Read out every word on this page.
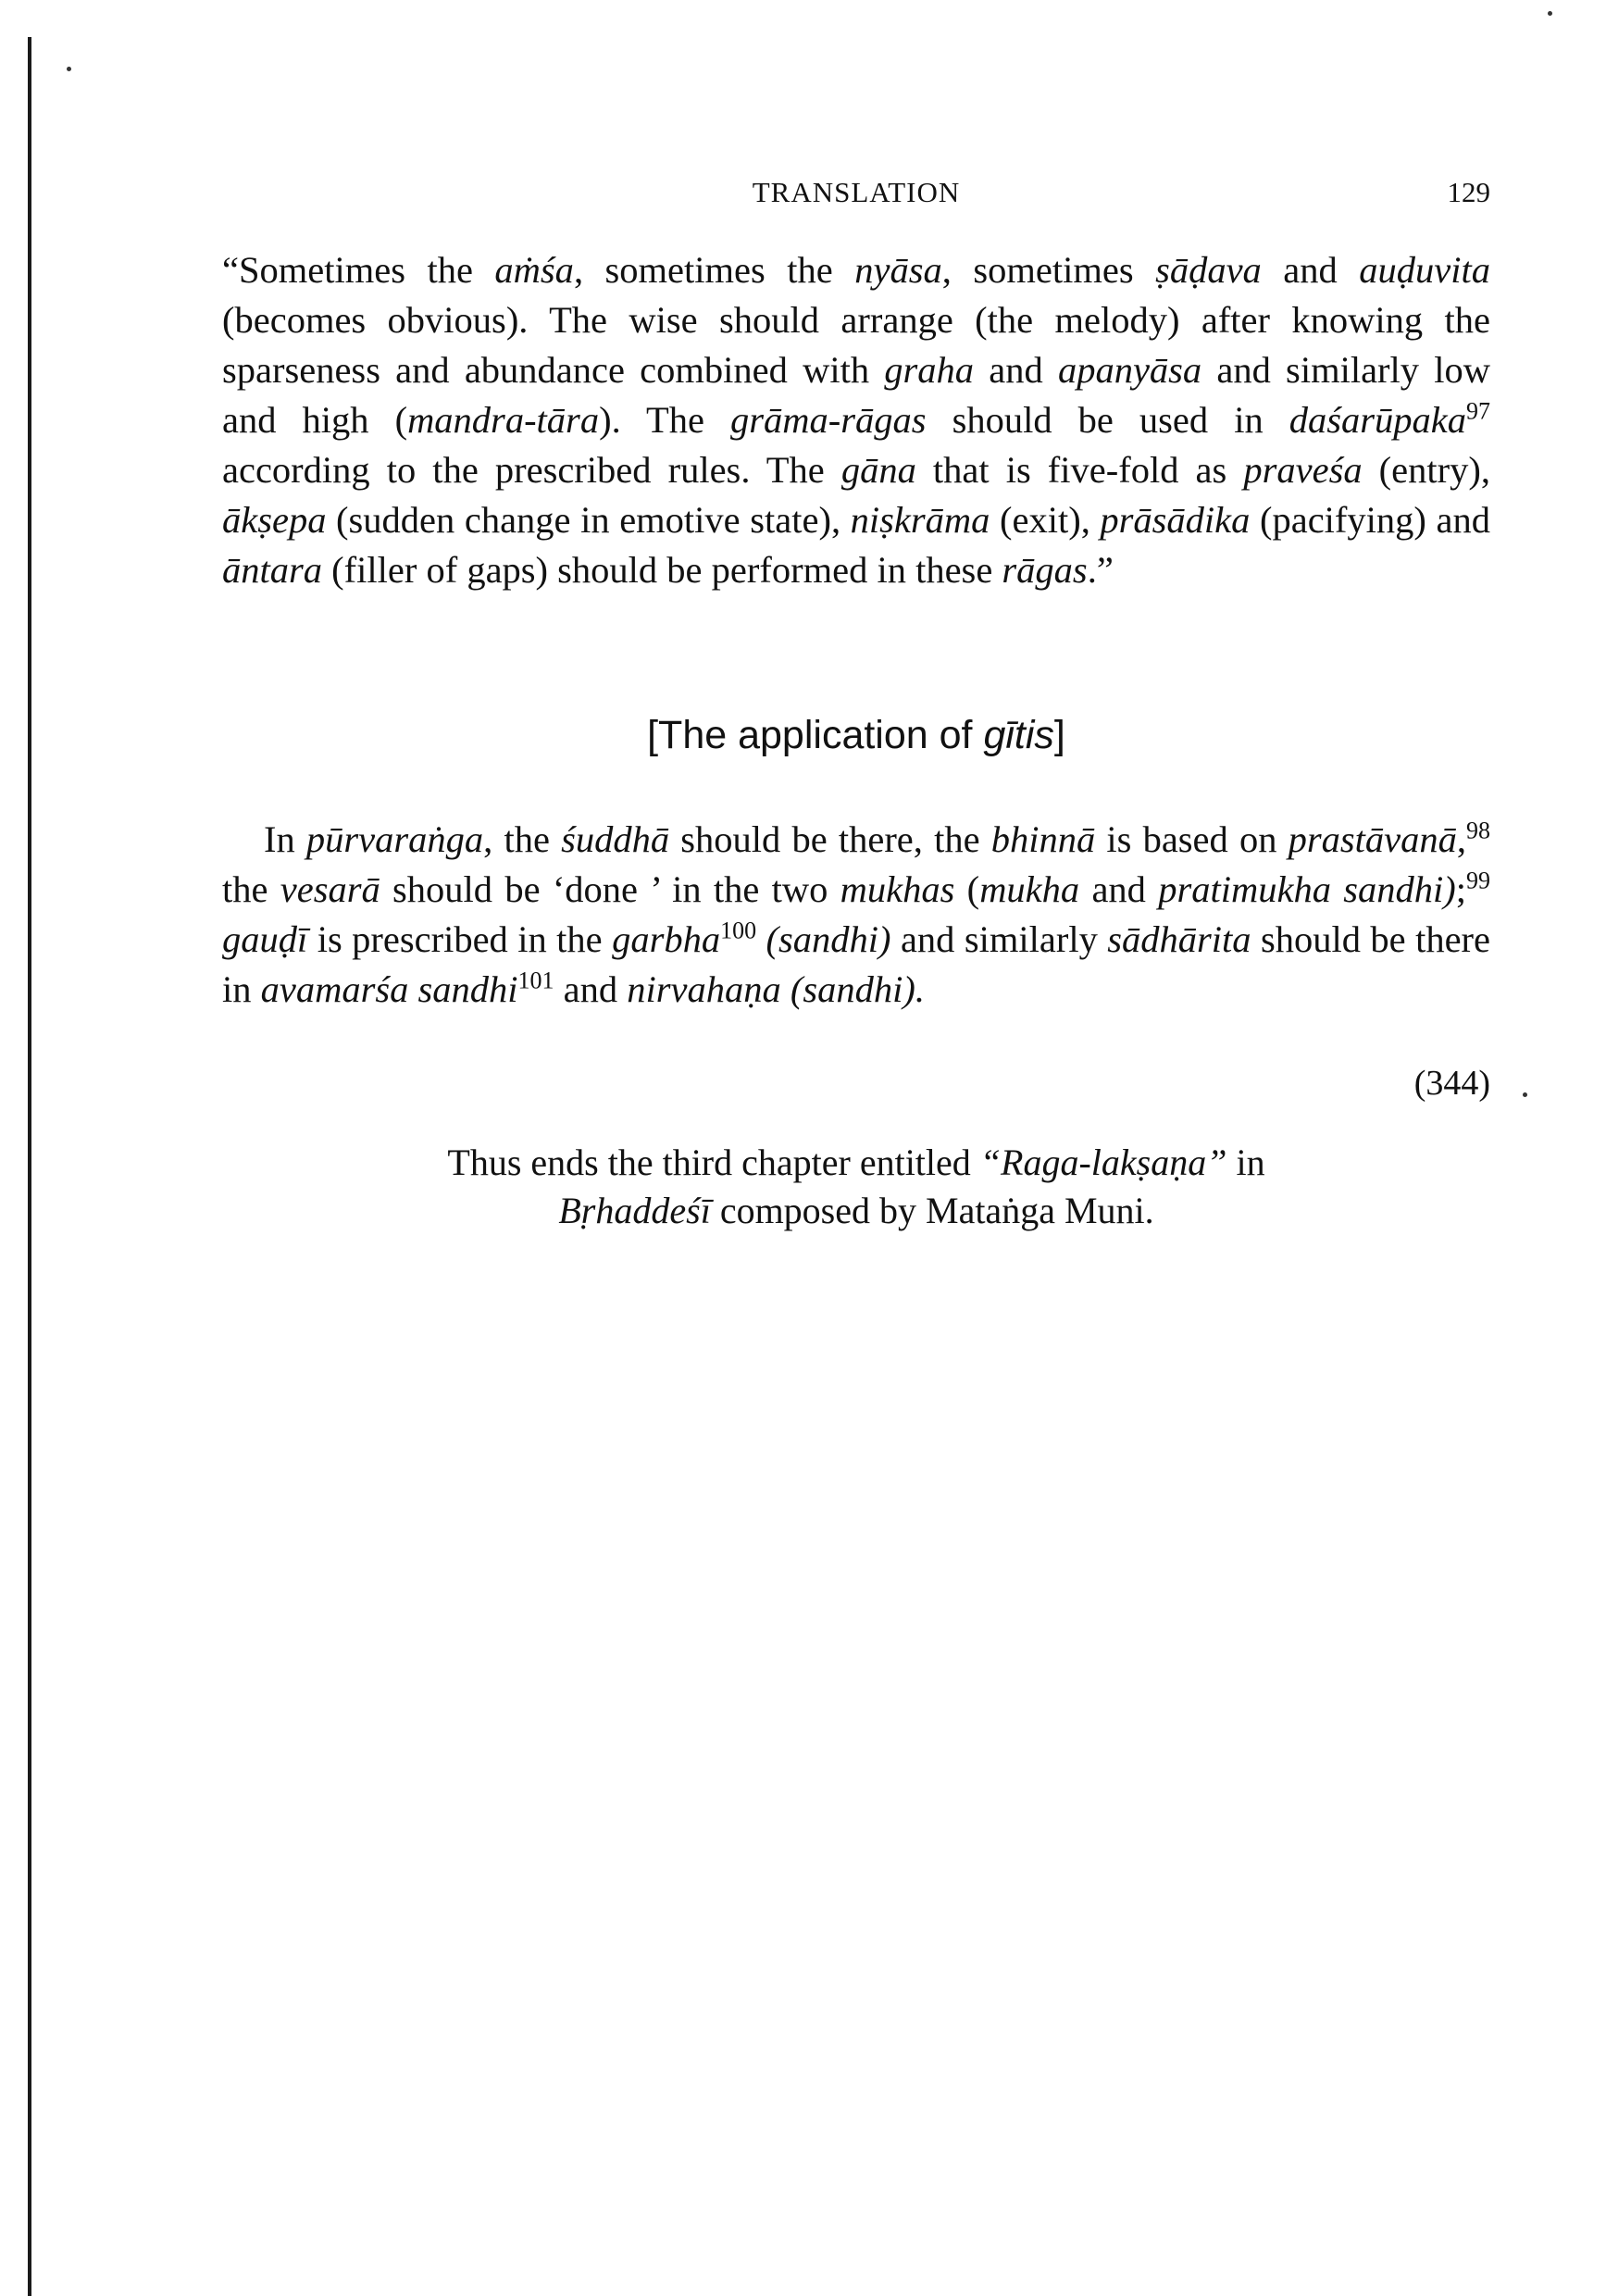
TRANSLATION	129

“Sometimes the aṁśa, sometimes the nyāsa, sometimes ṣāḍava and auḍuvita (becomes obvious). The wise should arrange (the melody) after knowing the sparseness and abundance combined with graha and apanyāsa and similarly low and high (mandra-tāra). The grāma-rāgas should be used in daśarūpaka$^{97}$ according to the prescribed rules. The gāna that is five-fold as praveśa (entry), ākṣepa (sudden change in emotive state), niṣkrāma (exit), prāsādika (pacifying) and āntara (filler of gaps) should be performed in these rāgas.”

[The application of gītis]

In pūrvaraṅga, the śuddhā should be there, the bhinnā is based on prastāvanā,$^{98}$ the vesarā should be ‘done ’ in the two mukhas (mukha and pratimukha sandhi);$^{99}$ gauḍī is prescribed in the garbha$^{100}$ (sandhi) and similarly sādhārita should be there in avamarśa sandhi$^{101}$ and nirvahaṇa (sandhi).

(344)
Thus ends the third chapter entitled “Raga-lakṣaṇa” in
Bṛhaddeśī composed by Mataṅga Muni.
